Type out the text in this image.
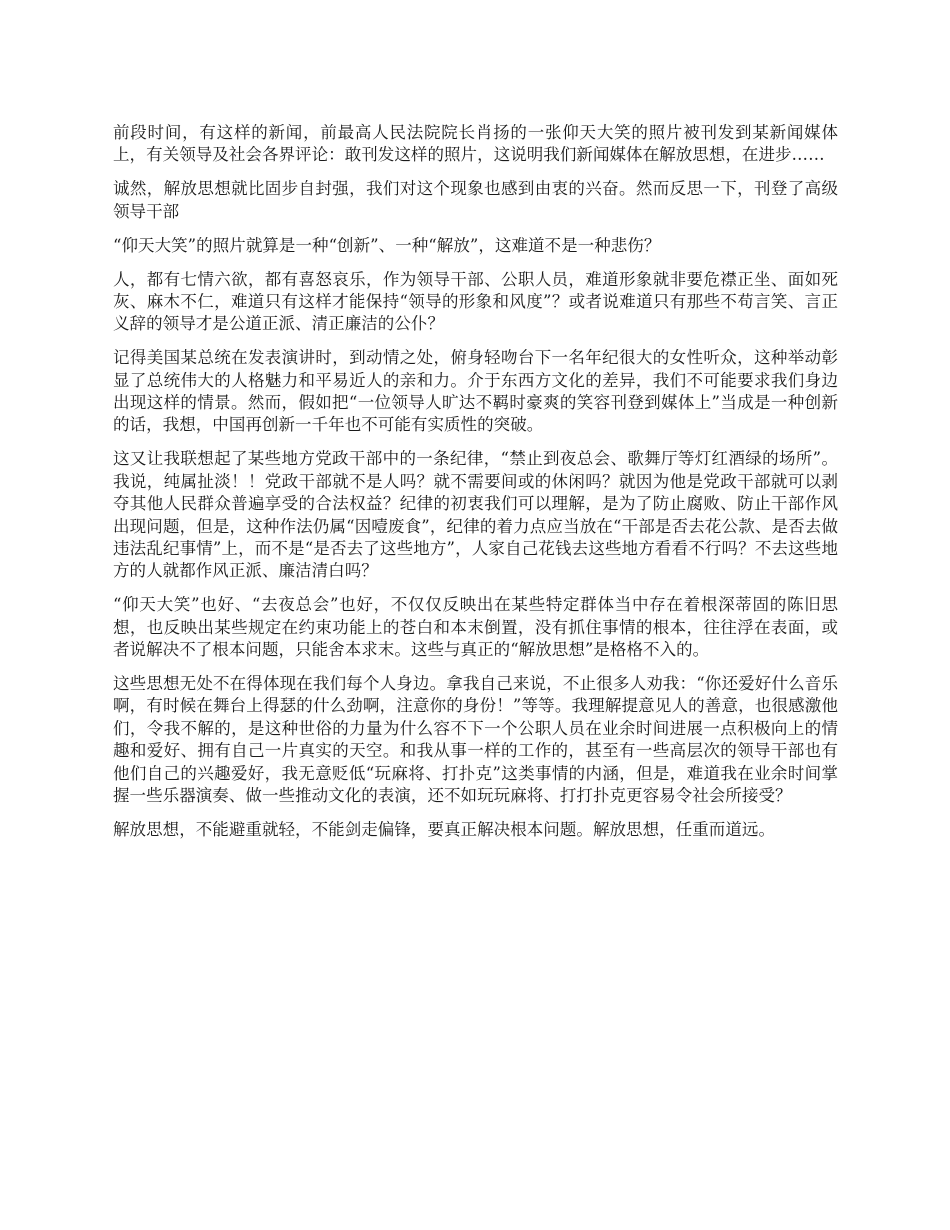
前段时间，有这样的新闻，前最高人民法院院长肖扬的一张仰天大笑的照片被刊发到某新闻媒体上，有关领导及社会各界评论：敢刊发这样的照片，这说明我们新闻媒体在解放思想，在进步……

诚然，解放思想就比固步自封强，我们对这个现象也感到由衷的兴奋。然而反思一下，刊登了高级领导干部

“仰天大笑”的照片就算是一种“创新”、一种“解放”，这难道不是一种悲伤？

人，都有七情六欲，都有喜怒哀乐，作为领导干部、公职人员，难道形象就非要危襟正坐、面如死灰、麻木不仁，难道只有这样才能保持“领导的形象和风度”？或者说难道只有那些不苟言笑、言正义辞的领导才是公道正派、清正廉洁的公仆？

记得美国某总统在发表演讲时，到动情之处，俯身轻吻台下一名年纪很大的女性听众，这种举动彰显了总统伟大的人格魅力和平易近人的亲和力。介于东西方文化的差异，我们不可能要求我们身边出现这样的情景。然而，假如把“一位领导人旷达不羁时豪爽的笑容刊登到媒体上”当成是一种创新的话，我想，中国再创新一千年也不可能有实质性的突破。

这又让我联想起了某些地方党政干部中的一条纪律，“禁止到夜总会、歌舞厅等灯红酒绿的场所”。我说，纯属扯淡！！党政干部就不是人吗？就不需要间或的休闲吗？就因为他是党政干部就可以剥夺其他人民群众普遍享受的合法权益？纪律的初衷我们可以理解，是为了防止腐败、防止干部作风出现问题，但是，这种作法仍属“因噎废食”，纪律的着力点应当放在“干部是否去花公款、是否去做违法乱纪事情”上，而不是“是否去了这些地方”，人家自己花钱去这些地方看看不行吗？不去这些地方的人就都作风正派、廉洁清白吗？

“仰天大笑”也好、“去夜总会”也好，不仅仅反映出在某些特定群体当中存在着根深蒂固的陈旧思想，也反映出某些规定在约束功能上的苍白和本末倒置，没有抓住事情的根本，往往浮在表面，或者说解决不了根本问题，只能舍本求末。这些与真正的“解放思想”是格格不入的。

这些思想无处不在得体现在我们每个人身边。拿我自己来说，不止很多人劝我：“你还爱好什么音乐啊，有时候在舞台上得瑟的什么劲啊，注意你的身份！”等等。我理解提意见人的善意，也很感激他们，令我不解的，是这种世俗的力量为什么容不下一个公职人员在业余时间进展一点积极向上的情趣和爱好、拥有自己一片真实的天空。和我从事一样的工作的，甚至有一些高层次的领导干部也有他们自己的兴趣爱好，我无意贬低“玩麻将、打扑克”这类事情的内涵，但是，难道我在业余时间掌握一些乐器演奏、做一些推动文化的表演，还不如玩玩麻将、打打扑克更容易令社会所接受？

解放思想，不能避重就轻，不能剑走偏锋，要真正解决根本问题。解放思想，任重而道远。
